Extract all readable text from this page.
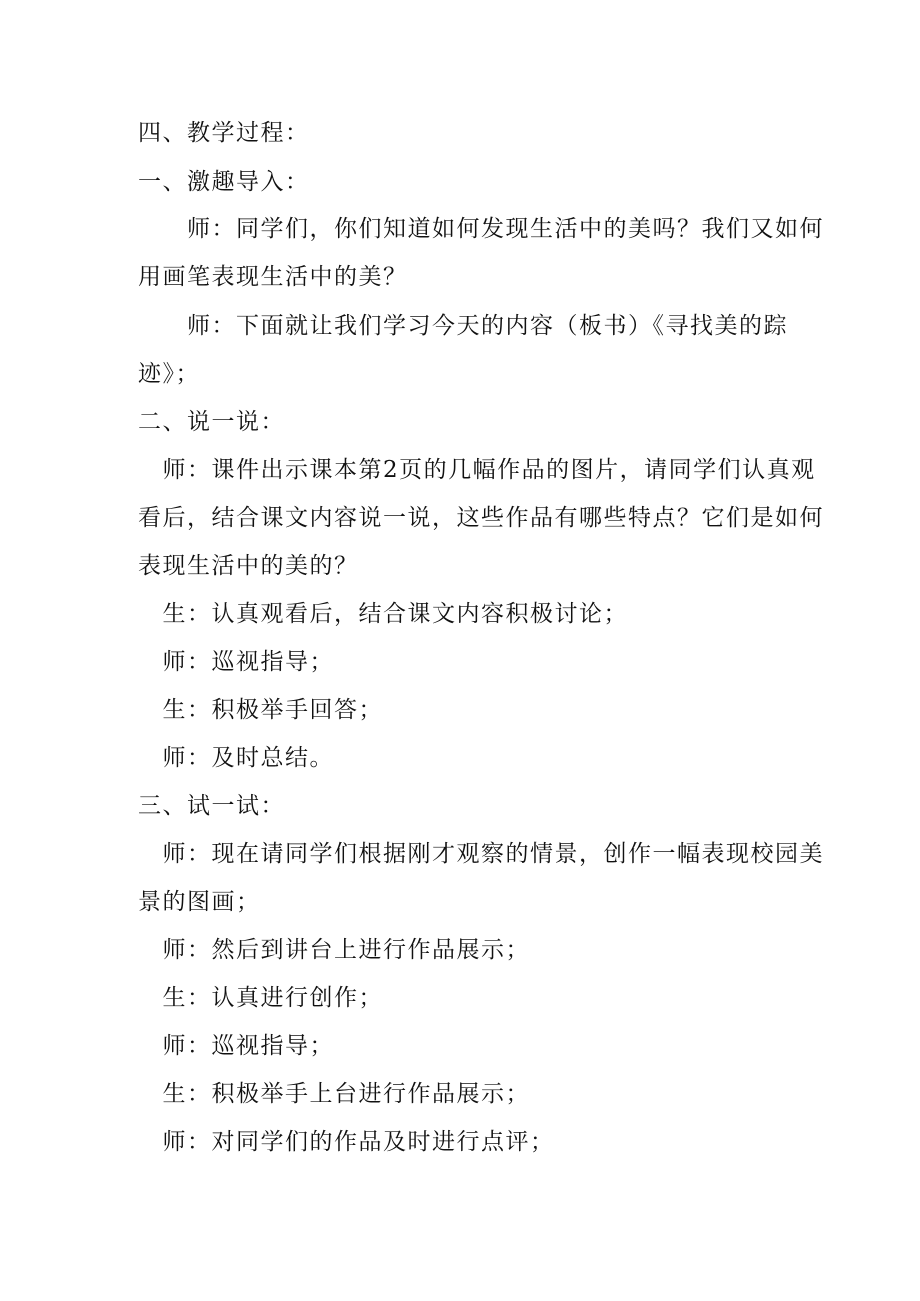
四、教学过程：
一、激趣导入：
　　师：同学们，你们知道如何发现生活中的美吗？我们又如何
用画笔表现生活中的美？
　　师：下面就让我们学习今天的内容（板书）《寻找美的踪
迹》；
二、说一说：
　师：课件出示课本第2页的几幅作品的图片，请同学们认真观
看后，结合课文内容说一说，这些作品有哪些特点？它们是如何
表现生活中的美的？
　生：认真观看后，结合课文内容积极讨论；
　师：巡视指导；
　生：积极举手回答；
　师：及时总结。
三、试一试：
　师：现在请同学们根据刚才观察的情景，创作一幅表现校园美
景的图画；
　师：然后到讲台上进行作品展示；
　生：认真进行创作；
　师：巡视指导；
　生：积极举手上台进行作品展示；
　师：对同学们的作品及时进行点评；
